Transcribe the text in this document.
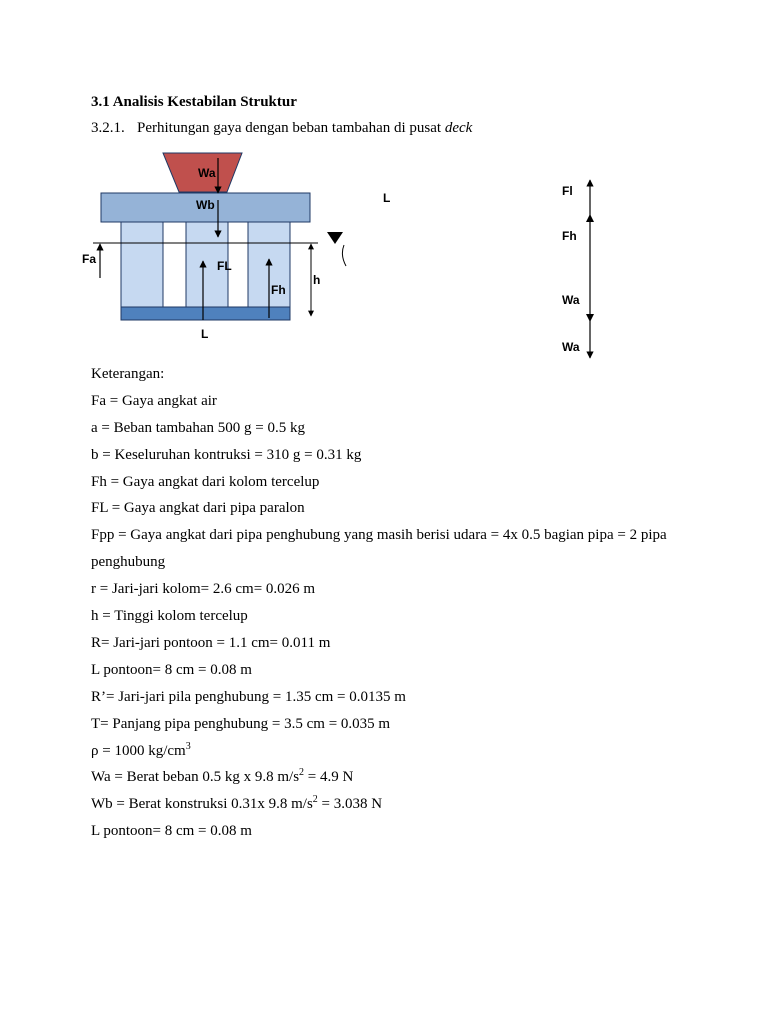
3.1 Analisis Kestabilan Struktur
3.2.1. Perhitungan gaya dengan beban tambahan di pusat deck
Wa
Wb
Fa	FL
Fh
h
L
L	Fl
Fh
Wa
Wa
Keterangan:
Fa = Gaya angkat air
a = Beban tambahan 500 g = 0.5 kg
b = Keseluruhan kontruksi = 310 g = 0.31 kg
Fh = Gaya angkat dari kolom tercelup
FL = Gaya angkat dari pipa paralon
Fpp = Gaya angkat dari pipa penghubung yang masih berisi udara = 4x 0.5 bagian pipa = 2 pipa penghubung
r = Jari-jari kolom= 2.6 cm= 0.026 m
h = Tinggi kolom tercelup
R= Jari-jari pontoon = 1.1 cm= 0.011 m
L pontoon= 8 cm = 0.08 m
R’= Jari-jari pila penghubung = 1.35 cm = 0.0135 m
T= Panjang pipa penghubung = 3.5 cm = 0.035 m
ρ = 1000 $kg/cm^3$
Wa = Berat beban 0.5 kg x 9.8 $m/s^2 = 4.9$ N
Wb = Berat konstruksi 0.31x 9.8 $m/s^2 = 3.038$ N
L pontoon= 8 cm = 0.08 m
